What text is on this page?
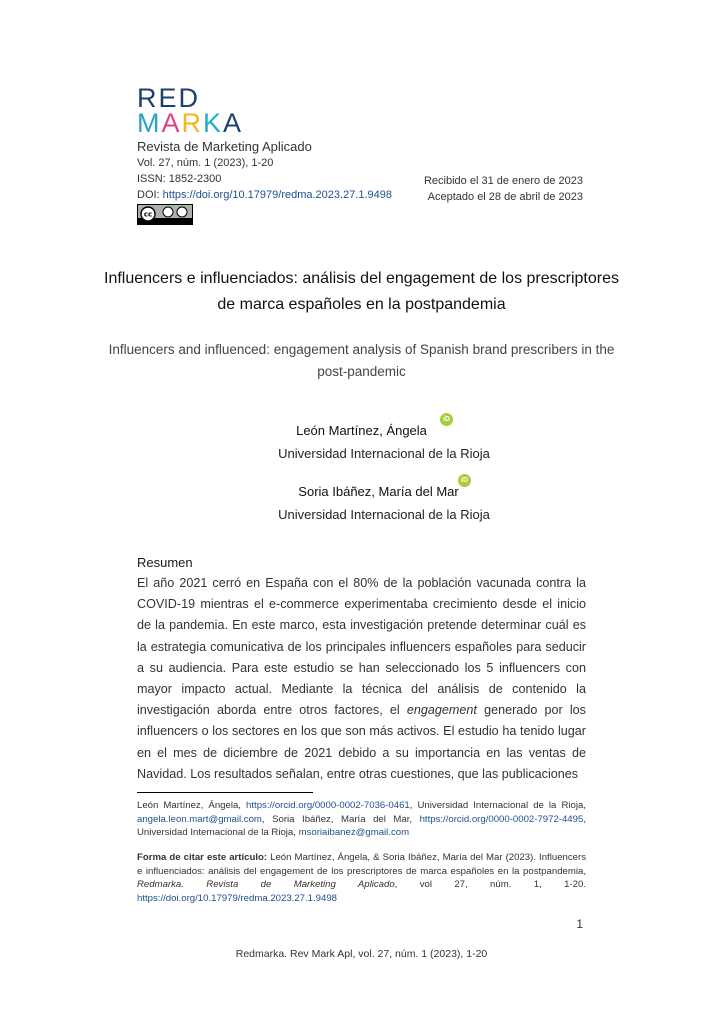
RED
MARKA
Revista de Marketing Aplicado
Vol. 27, núm. 1 (2023), 1-20
ISSN: 1852-2300
DOI: https://doi.org/10.17979/redma.2023.27.1.9498
cc
Recibido el 31 de enero de 2023
Aceptado el 28 de abril de 2023
Influencers e influenciados: análisis del engagement de los prescriptores de marca españoles en la postpandemia
Influencers and influenced: engagement analysis of Spanish brand prescribers in the post-pandemic
León Martínez, Ángela
iD
Universidad Internacional de la Rioja
Soria Ibáñez, María del Mar
iD
Universidad Internacional de la Rioja
Resumen
El año 2021 cerró en España con el 80% de la población vacunada contra la COVID-19 mientras el e-commerce experimentaba crecimiento desde el inicio de la pandemia. En este marco, esta investigación pretende determinar cuál es la estrategia comunicativa de los principales influencers españoles para seducir a su audiencia. Para este estudio se han seleccionado los 5 influencers con mayor impacto actual. Mediante la técnica del análisis de contenido la investigación aborda entre otros factores, el engagement generado por los influencers o los sectores en los que son más activos. El estudio ha tenido lugar en el mes de diciembre de 2021 debido a su importancia en las ventas de Navidad. Los resultados señalan, entre otras cuestiones, que las publicaciones
León Martínez, Ángela, https://orcid.org/0000-0002-7036-0461, Universidad Internacional de la Rioja, angela.leon.mart@gmail.com, Soria Ibáñez, María del Mar, https://orcid.org/0000-0002-7972-4495, Universidad Internacional de la Rioja, msoriaibanez@gmail.com
Forma de citar este artículo: León Martínez, Ángela, & Soria Ibáñez, María del Mar (2023). Influencers e influenciados: análisis del engagement de los prescriptores de marca españoles en la postpandemia, Redmarka. Revista de Marketing Aplicado, vol 27, núm. 1, 1-20. https://doi.org/10.17979/redma.2023.27.1.9498
1
Redmarka. Rev Mark Apl, vol. 27, núm. 1 (2023), 1-20
